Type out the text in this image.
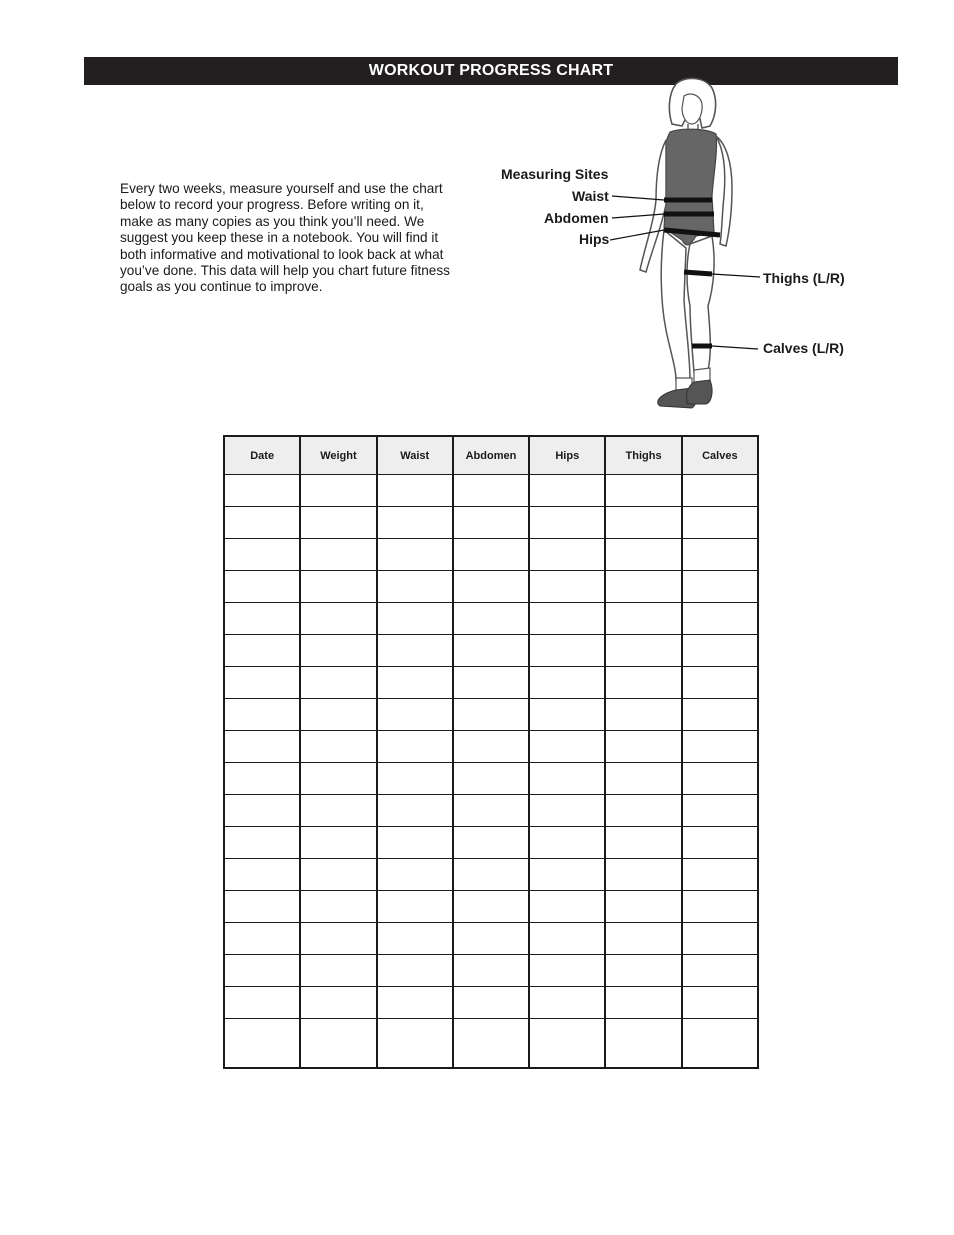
WORKOUT PROGRESS CHART
Every two weeks, measure yourself and use the chart below to record your progress. Before writing on it, make as many copies as you think you’ll need. We suggest you keep these in a notebook. You will find it both informative and motivational to look back at what you’ve done. This data will help you chart future fitness goals as you continue to improve.
Measuring Sites
Waist
Abdomen
Hips
Thighs (L/R)
Calves (L/R)
Date	Weight	Waist	Abdomen	Hips	Thighs	Calves
